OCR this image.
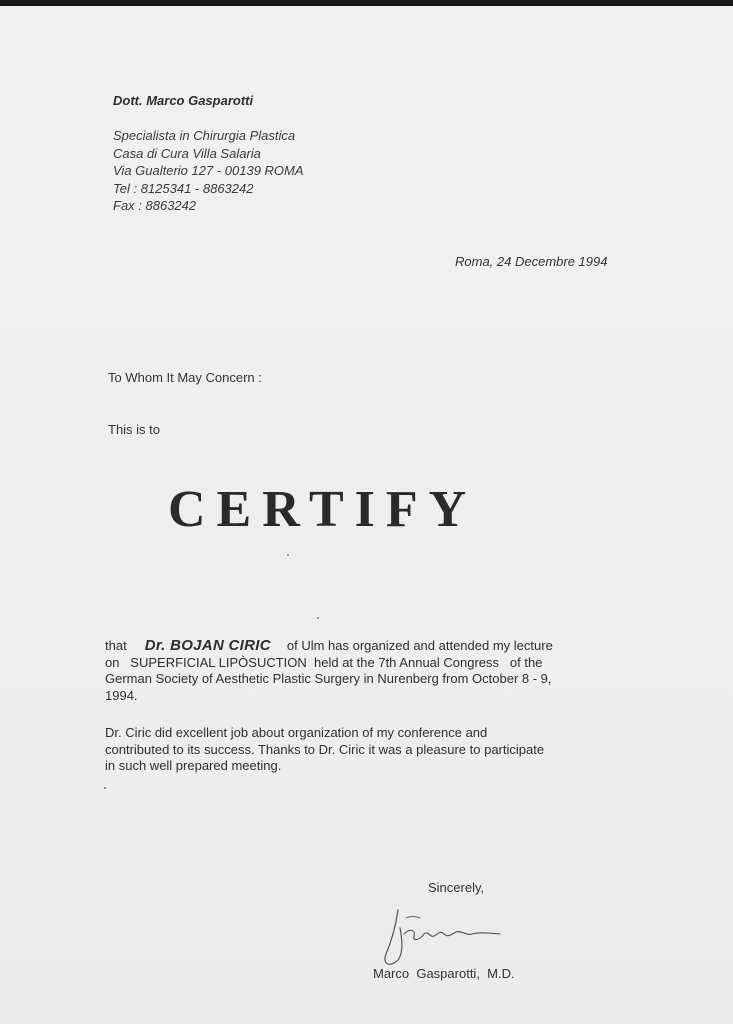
Dott. Marco Gasparotti
Specialista in Chirurgia Plastica
Casa di Cura Villa Salaria
Via Gualterio 127 - 00139 ROMA
Tel : 8125341 - 8863242
Fax : 8863242
Roma, 24 Decembre 1994
To Whom It May Concern :
This is to
CERTIFY
that Dr. BOJAN CIRIC of Ulm has organized and attended my lecture
on   SUPERFICIAL LIPÒSUCTION  held at the 7th Annual Congress   of the
German Society of Aesthetic Plastic Surgery in Nurenberg from October 8 - 9,
1994.
Dr. Ciric did excellent job about organization of my conference and
contributed to its success. Thanks to Dr. Ciric it was a pleasure to participate
in such well prepared meeting.
Sincerely,
Marco  Gasparotti,  M.D.
